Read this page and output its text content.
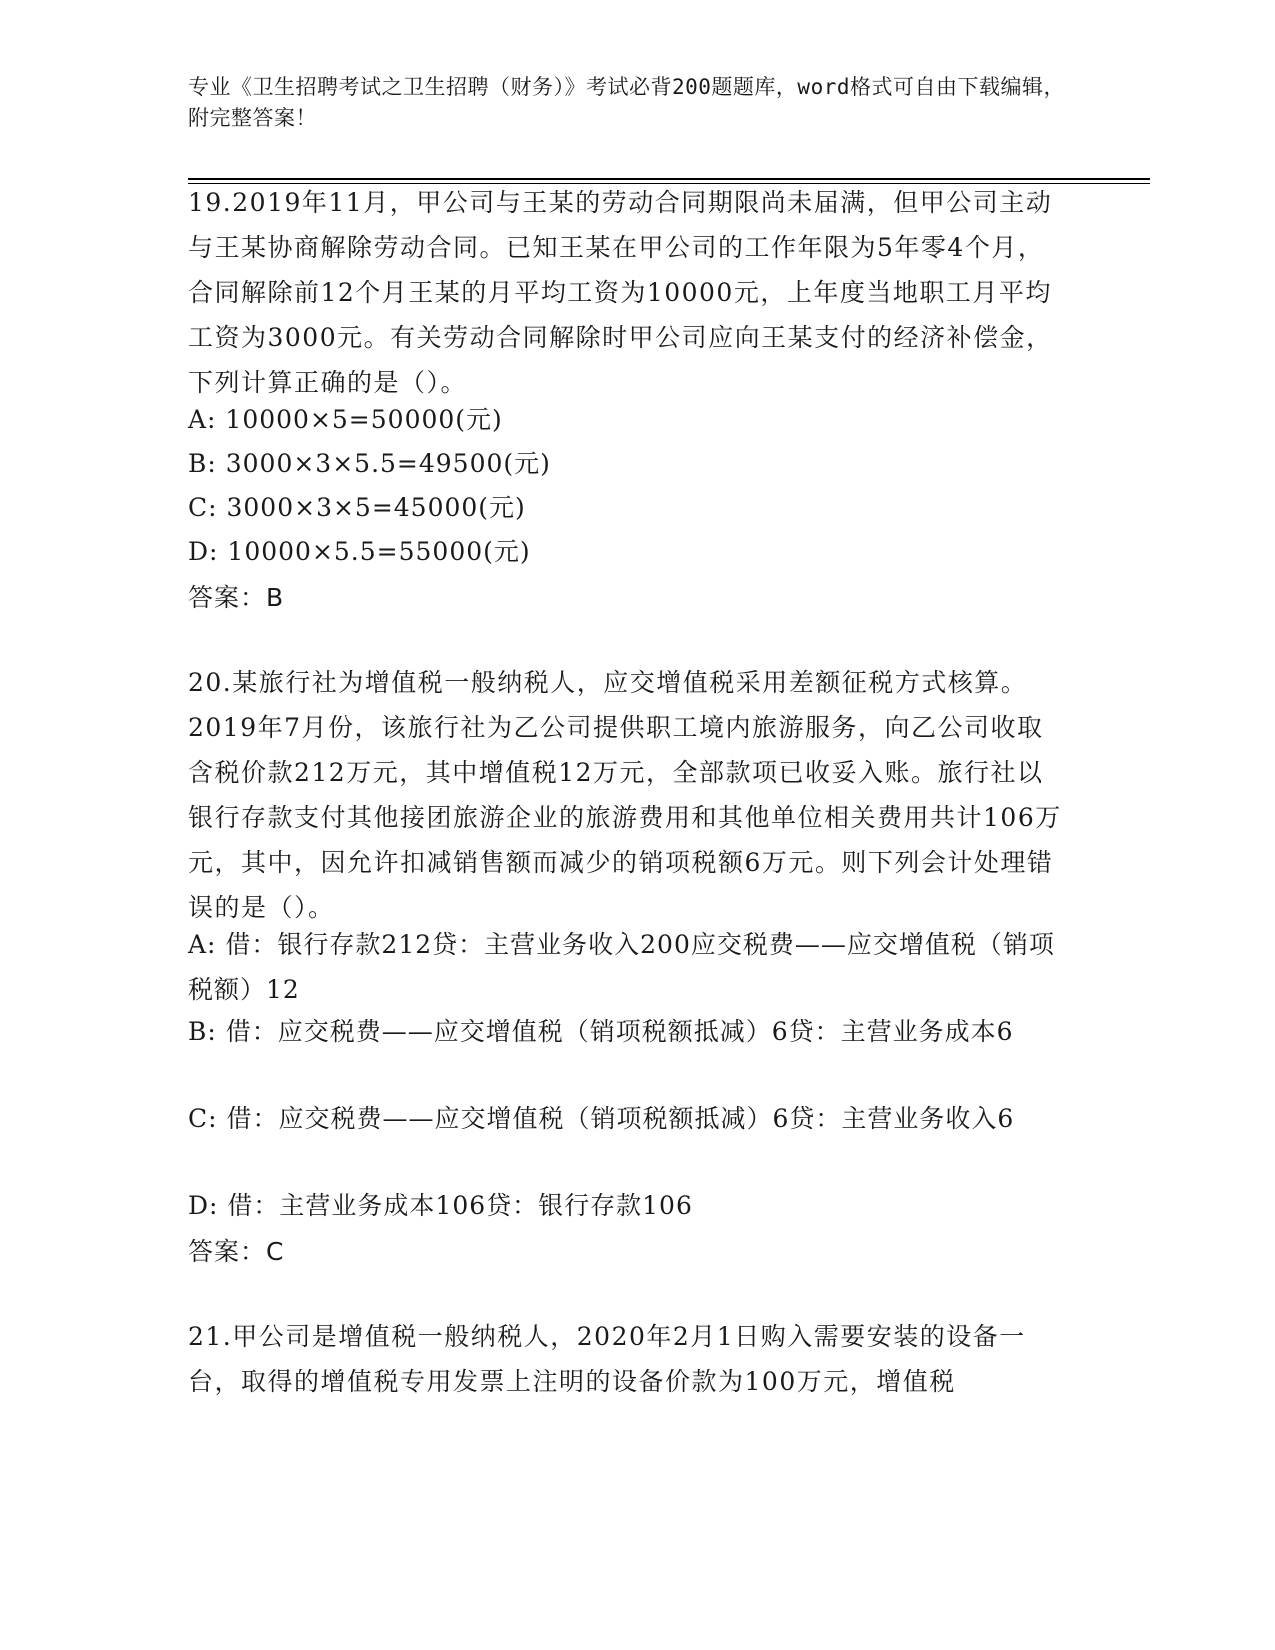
专业《卫生招聘考试之卫生招聘（财务）》考试必背200题题库，word格式可自由下载编辑，附完整答案！
19.2019年11月，甲公司与王某的劳动合同期限尚未届满，但甲公司主动与王某协商解除劳动合同。已知王某在甲公司的工作年限为5年零4个月，合同解除前12个月王某的月平均工资为10000元，上年度当地职工月平均工资为3000元。有关劳动合同解除时甲公司应向王某支付的经济补偿金，下列计算正确的是（）。
A: 10000×5=50000(元)
B: 3000×3×5.5=49500(元)
C: 3000×3×5=45000(元)
D: 10000×5.5=55000(元)
答案：B
20.某旅行社为增值税一般纳税人，应交增值税采用差额征税方式核算。2019年7月份，该旅行社为乙公司提供职工境内旅游服务，向乙公司收取含税价款212万元，其中增值税12万元，全部款项已收妥入账。旅行社以银行存款支付其他接团旅游企业的旅游费用和其他单位相关费用共计106万元，其中，因允许扣减销售额而减少的销项税额6万元。则下列会计处理错误的是（）。
A: 借：银行存款212贷：主营业务收入200应交税费——应交增值税（销项税额）12
B: 借：应交税费——应交增值税（销项税额抵减）6贷：主营业务成本6
C: 借：应交税费——应交增值税（销项税额抵减）6贷：主营业务收入6
D: 借：主营业务成本106贷：银行存款106
答案：C
21.甲公司是增值税一般纳税人，2020年2月1日购入需要安装的设备一台，取得的增值税专用发票上注明的设备价款为100万元，增值税
